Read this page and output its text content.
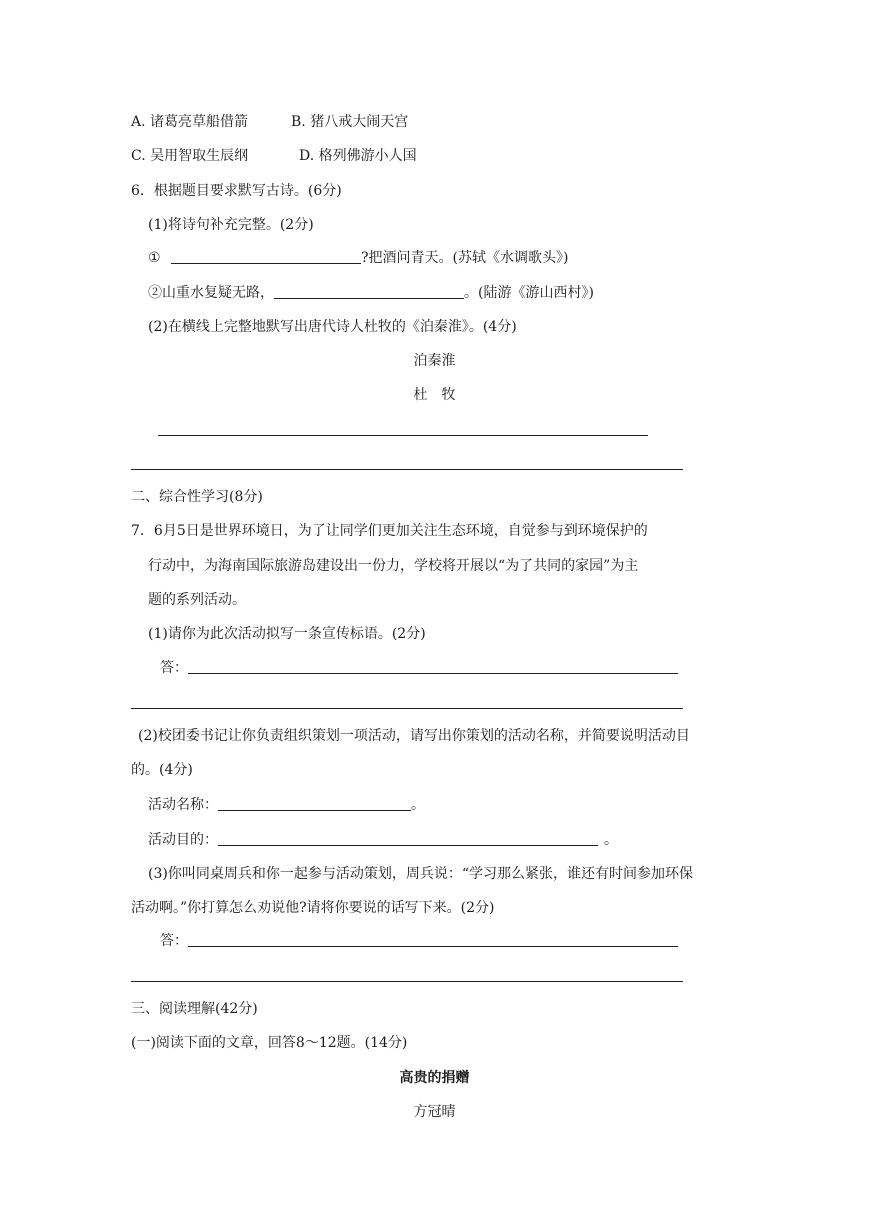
A. 诸葛亮草船借箭	B. 猪八戒大闹天宫
C. 吴用智取生辰纲	D. 格列佛游小人国
6．根据题目要求默写古诗。(6分)
(1)将诗句补充完整。(2分)
①	?把酒问青天。(苏轼《水调歌头》)
②山重水复疑无路，	。(陆游《游山西村》)
(2)在横线上完整地默写出唐代诗人杜牧的《泊秦淮》。(4分)
泊秦淮
杜　牧
二、综合性学习(8分)
7．6月5日是世界环境日，为了让同学们更加关注生态环境，自觉参与到环境保护的
行动中，为海南国际旅游岛建设出一份力，学校将开展以“为了共同的家园”为主
题的系列活动。
(1)请你为此次活动拟写一条宣传标语。(2分)
答：
(2)校团委书记让你负责组织策划一项活动，请写出你策划的活动名称，并简要说明活动目
的。(4分)
活动名称：	。
活动目的：	。
(3)你叫同桌周兵和你一起参与活动策划，周兵说：“学习那么紧张，谁还有时间参加环保
活动啊。”你打算怎么劝说他?请将你要说的话写下来。(2分)
答：
三、阅读理解(42分)
(一)阅读下面的文章，回答8～12题。(14分)
高贵的捐赠
方冠晴
